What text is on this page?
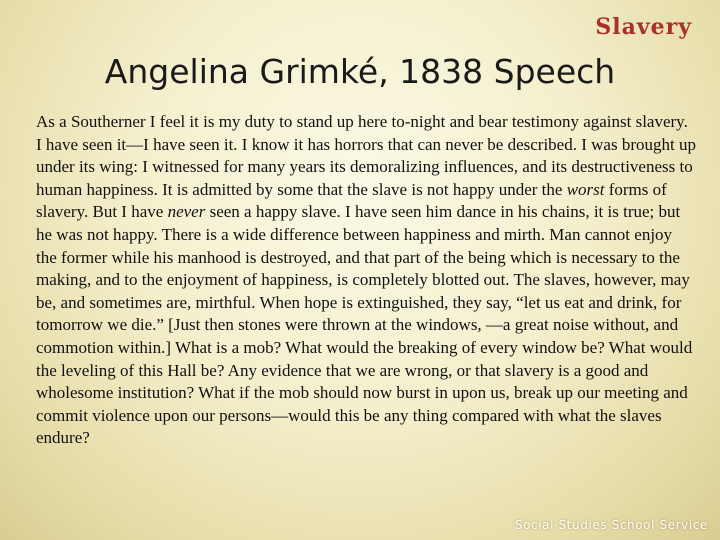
Slavery
Angelina Grimké, 1838 Speech

As a Southerner I feel it is my duty to stand up here to-night and bear testimony against slavery. I have seen it—I have seen it. I know it has horrors that can never be described. I was brought up under its wing: I witnessed for many years its demoralizing influences, and its destructiveness to human happiness. It is admitted by some that the slave is not happy under the worst forms of slavery. But I have never seen a happy slave. I have seen him dance in his chains, it is true; but he was not happy. There is a wide difference between happiness and mirth. Man cannot enjoy the former while his manhood is destroyed, and that part of the being which is necessary to the making, and to the enjoyment of happiness, is completely blotted out. The slaves, however, may be, and sometimes are, mirthful. When hope is extinguished, they say, “let us eat and drink, for tomorrow we die.” [Just then stones were thrown at the windows, —a great noise without, and commotion within.] What is a mob? What would the breaking of every window be? What would the leveling of this Hall be? Any evidence that we are wrong, or that slavery is a good and wholesome institution? What if the mob should now burst in upon us, break up our meeting and commit violence upon our persons—would this be any thing compared with what the slaves endure?

Social Studies School Service
